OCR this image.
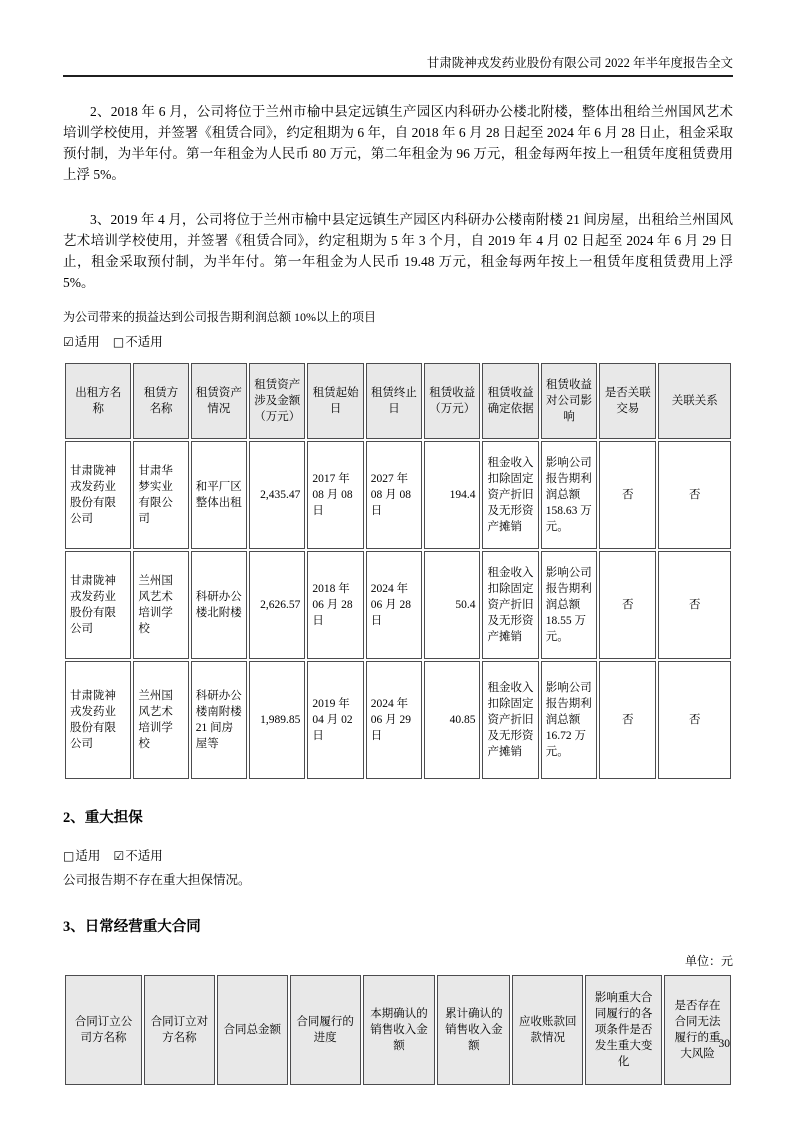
甘肃陇神戎发药业股份有限公司 2022 年半年度报告全文

2、2018 年 6 月，公司将位于兰州市榆中县定远镇生产园区内科研办公楼北附楼，整体出租给兰州国风艺术培训学校使用，并签署《租赁合同》，约定租期为 6 年，自 2018 年 6 月 28 日起至 2024 年 6 月 28 日止，租金采取预付制，为半年付。第一年租金为人民币 80 万元，第二年租金为 96 万元，租金每两年按上一租赁年度租赁费用上浮 5%。

3、2019 年 4 月，公司将位于兰州市榆中县定远镇生产园区内科研办公楼南附楼 21 间房屋，出租给兰州国风艺术培训学校使用，并签署《租赁合同》，约定租期为 5 年 3 个月，自 2019 年 4 月 02 日起至 2024 年 6 月 29 日止，租金采取预付制，为半年付。第一年租金为人民币 19.48 万元，租金每两年按上一租赁年度租赁费用上浮 5%。

为公司带来的损益达到公司报告期利润总额 10%以上的项目
☑适用 □不适用
出租方名称	租赁方名称	租赁资产情况	租赁资产涉及金额（万元）	租赁起始日	租赁终止日	租赁收益（万元）	租赁收益确定依据	租赁收益对公司影响	是否关联交易	关联关系
甘肃陇神戎发药业股份有限公司	甘肃华梦实业有限公司	和平厂区整体出租	2,435.47	2017 年 08 月 08 日	2027 年 08 月 08 日	194.4	租金收入扣除固定资产折旧及无形资产摊销	影响公司报告期利润总额 158.63 万元。	否	否
甘肃陇神戎发药业股份有限公司	兰州国风艺术培训学校	科研办公楼北附楼	2,626.57	2018 年 06 月 28 日	2024 年 06 月 28 日	50.4	租金收入扣除固定资产折旧及无形资产摊销	影响公司报告期利润总额 18.55 万元。	否	否
甘肃陇神戎发药业股份有限公司	兰州国风艺术培训学校	科研办公楼南附楼 21 间房屋等	1,989.85	2019 年 04 月 02 日	2024 年 06 月 29 日	40.85	租金收入扣除固定资产折旧及无形资产摊销	影响公司报告期利润总额 16.72 万元。	否	否
2、重大担保
□适用 ☑不适用
公司报告期不存在重大担保情况。
3、日常经营重大合同
单位：元
合同订立公司方名称	合同订立对方名称	合同总金额	合同履行的进度	本期确认的销售收入金额	累计确认的销售收入金额	应收账款回款情况	影响重大合同履行的各项条件是否发生重大变化	是否存在合同无法履行的重大风险
30
